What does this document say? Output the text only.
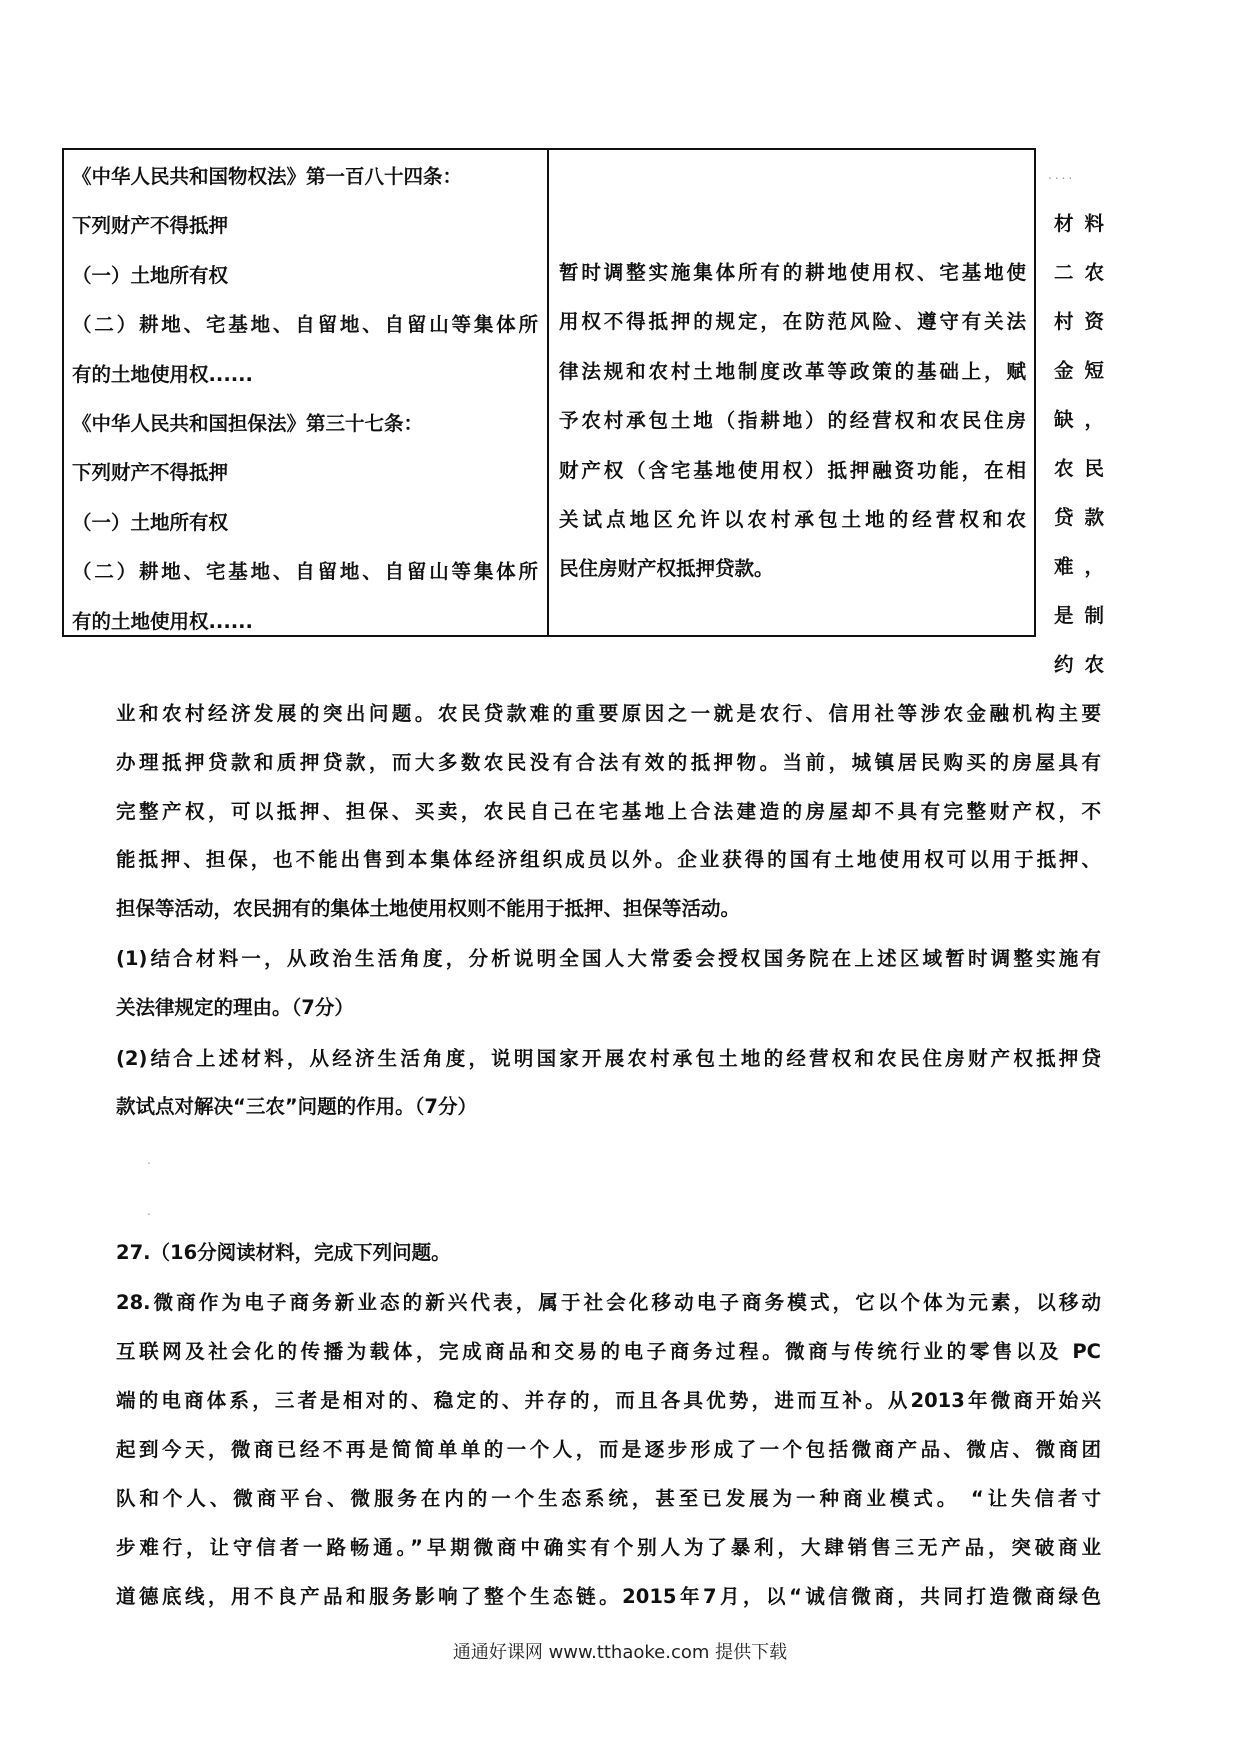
....
《中华人民共和国物权法》第一百八十四条：
下列财产不得抵押
（一）土地所有权
（二）耕地、宅基地、自留地、自留山等集体所
有的土地使用权......
《中华人民共和国担保法》第三十七条：
下列财产不得抵押
（一）土地所有权
（二）耕地、宅基地、自留地、自留山等集体所
有的土地使用权......
暂时调整实施集体所有的耕地使用权、宅基地使
用权不得抵押的规定，在防范风险、遵守有关法
律法规和农村土地制度改革等政策的基础上，赋
予农村承包土地（指耕地）的经营权和农民住房
财产权（含宅基地使用权）抵押融资功能，在相
关试点地区允许以农村承包土地的经营权和农
民住房财产权抵押贷款。
材料
二农
村资
金短
缺，
农民
贷款
难，
是制
约农
业和农村经济发展的突出问题。农民贷款难的重要原因之一就是农行、信用社等涉农金融机构主要
办理抵押贷款和质押贷款，而大多数农民没有合法有效的抵押物。当前，城镇居民购买的房屋具有
完整产权，可以抵押、担保、买卖，农民自己在宅基地上合法建造的房屋却不具有完整财产权，不
能抵押、担保，也不能出售到本集体经济组织成员以外。企业获得的国有土地使用权可以用于抵押、
担保等活动，农民拥有的集体土地使用权则不能用于抵押、担保等活动。
(1)结合材料一，从政治生活角度，分析说明全国人大常委会授权国务院在上述区域暂时调整实施有
关法律规定的理由。（7分）
(2)结合上述材料，从经济生活角度，说明国家开展农村承包土地的经营权和农民住房财产权抵押贷
款试点对解决“三农”问题的作用。（7分）
27.（16分阅读材料，完成下列问题。
28.微商作为电子商务新业态的新兴代表，属于社会化移动电子商务模式，它以个体为元素，以移动
互联网及社会化的传播为载体，完成商品和交易的电子商务过程。微商与传统行业的零售以及 PC
端的电商体系，三者是相对的、稳定的、并存的，而且各具优势，进而互补。从2013年微商开始兴
起到今天，微商已经不再是简简单单的一个人，而是逐步形成了一个包括微商产品、微店、微商团
队和个人、微商平台、微服务在内的一个生态系统，甚至已发展为一种商业模式。 “让失信者寸
步难行，让守信者一路畅通。”早期微商中确实有个别人为了暴利，大肆销售三无产品，突破商业
道德底线，用不良产品和服务影响了整个生态链。2015年7月，以“诚信微商，共同打造微商绿色
.
.
通通好课网 www.tthaoke.com 提供下载
